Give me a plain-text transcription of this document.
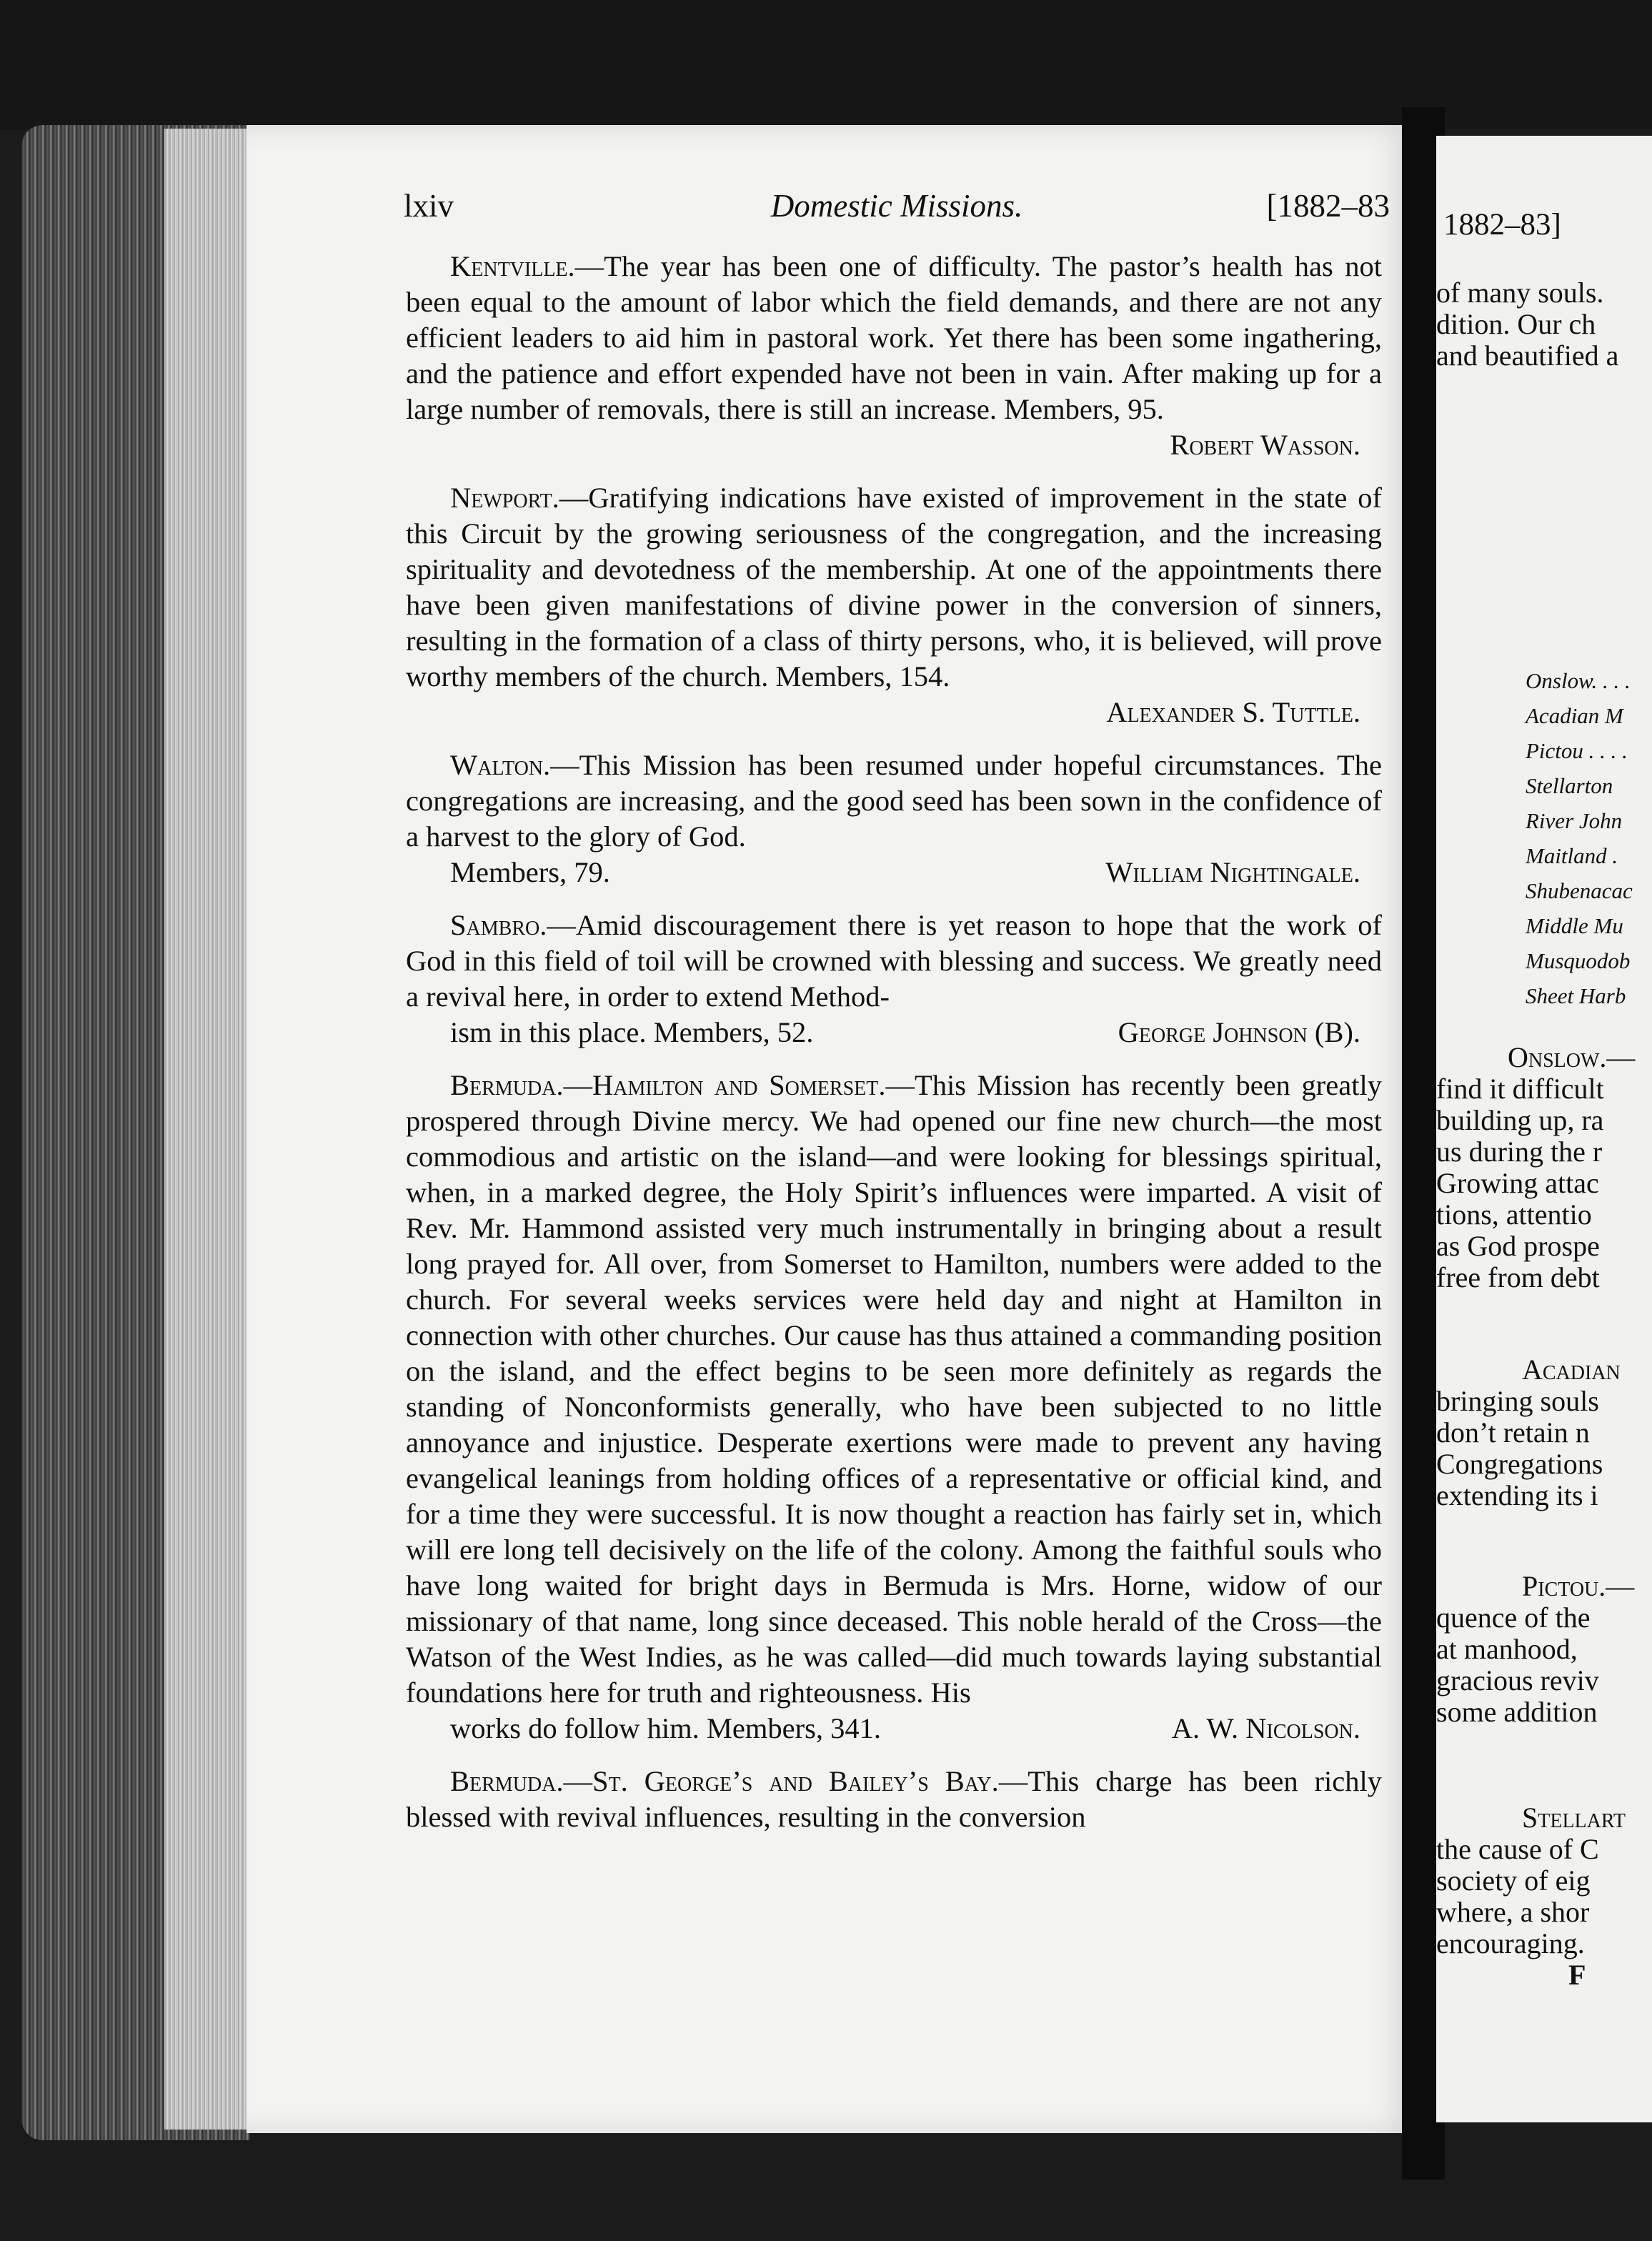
Domestic Missions.
lxiv	[1882–83

Kentville.—The year has been one of difficulty. The pastor’s health has not been equal to the amount of labor which the field demands, and there are not any efficient leaders to aid him in pastoral work. Yet there has been some ingathering, and the patience and effort expended have not been in vain. After making up for a large number of removals, there is still an increase. Members, 95.
Robert Wasson.

Newport.—Gratifying indications have existed of improvement in the state of this Circuit by the growing seriousness of the congregation, and the increasing spirituality and devotedness of the membership. At one of the appointments there have been given manifestations of divine power in the conversion of sinners, resulting in the formation of a class of thirty persons, who, it is believed, will prove worthy members of the church. Members, 154.
Alexander S. Tuttle.

Walton.—This Mission has been resumed under hopeful circumstances. The congregations are increasing, and the good seed has been sown in the confidence of a harvest to the glory of God.
Members, 79.	William Nightingale.

Sambro.—Amid discouragement there is yet reason to hope that the work of God in this field of toil will be crowned with blessing and success. We greatly need a revival here, in order to extend Method-
ism in this place. Members, 52.	George Johnson (B).

Bermuda.—Hamilton and Somerset.—This Mission has recently been greatly prospered through Divine mercy. We had opened our fine new church—the most commodious and artistic on the island—and were looking for blessings spiritual, when, in a marked degree, the Holy Spirit’s influences were imparted. A visit of Rev. Mr. Hammond assisted very much instrumentally in bringing about a result long prayed for. All over, from Somerset to Hamilton, numbers were added to the church. For several weeks services were held day and night at Hamilton in connection with other churches. Our cause has thus attained a commanding position on the island, and the effect begins to be seen more definitely as regards the standing of Nonconformists generally, who have been subjected to no little annoyance and injustice. Desperate exertions were made to prevent any having evangelical leanings from holding offices of a representative or official kind, and for a time they were successful. It is now thought a reaction has fairly set in, which will ere long tell decisively on the life of the colony. Among the faithful souls who have long waited for bright days in Bermuda is Mrs. Horne, widow of our missionary of that name, long since deceased. This noble herald of the Cross—the Watson of the West Indies, as he was called—did much towards laying substantial foundations here for truth and righteousness. His
works do follow him. Members, 341.	A. W. Nicolson.

Bermuda.—St. George’s and Bailey’s Bay.—This charge has been richly blessed with revival influences, resulting in the conversion

1882–83]
of many souls.
dition. Our ch
and beautified a
Onslow. . . .
Acadian M
Pictou . . . .
Stellarton
River John
Maitland .
Shubenacac
Middle Mu
Musquodob
Sheet Harb
Onslow.—
find it difficult
building up, ra
us during the r
Growing attac
tions, attentio
as God prospe
free from debt
Acadian
bringing souls
don’t retain n
Congregations
extending its i
Pictou.—
quence of the
at manhood,
gracious reviv
some addition
Stellart
the cause of C
society of eig
where, a shor
encouraging.
F
